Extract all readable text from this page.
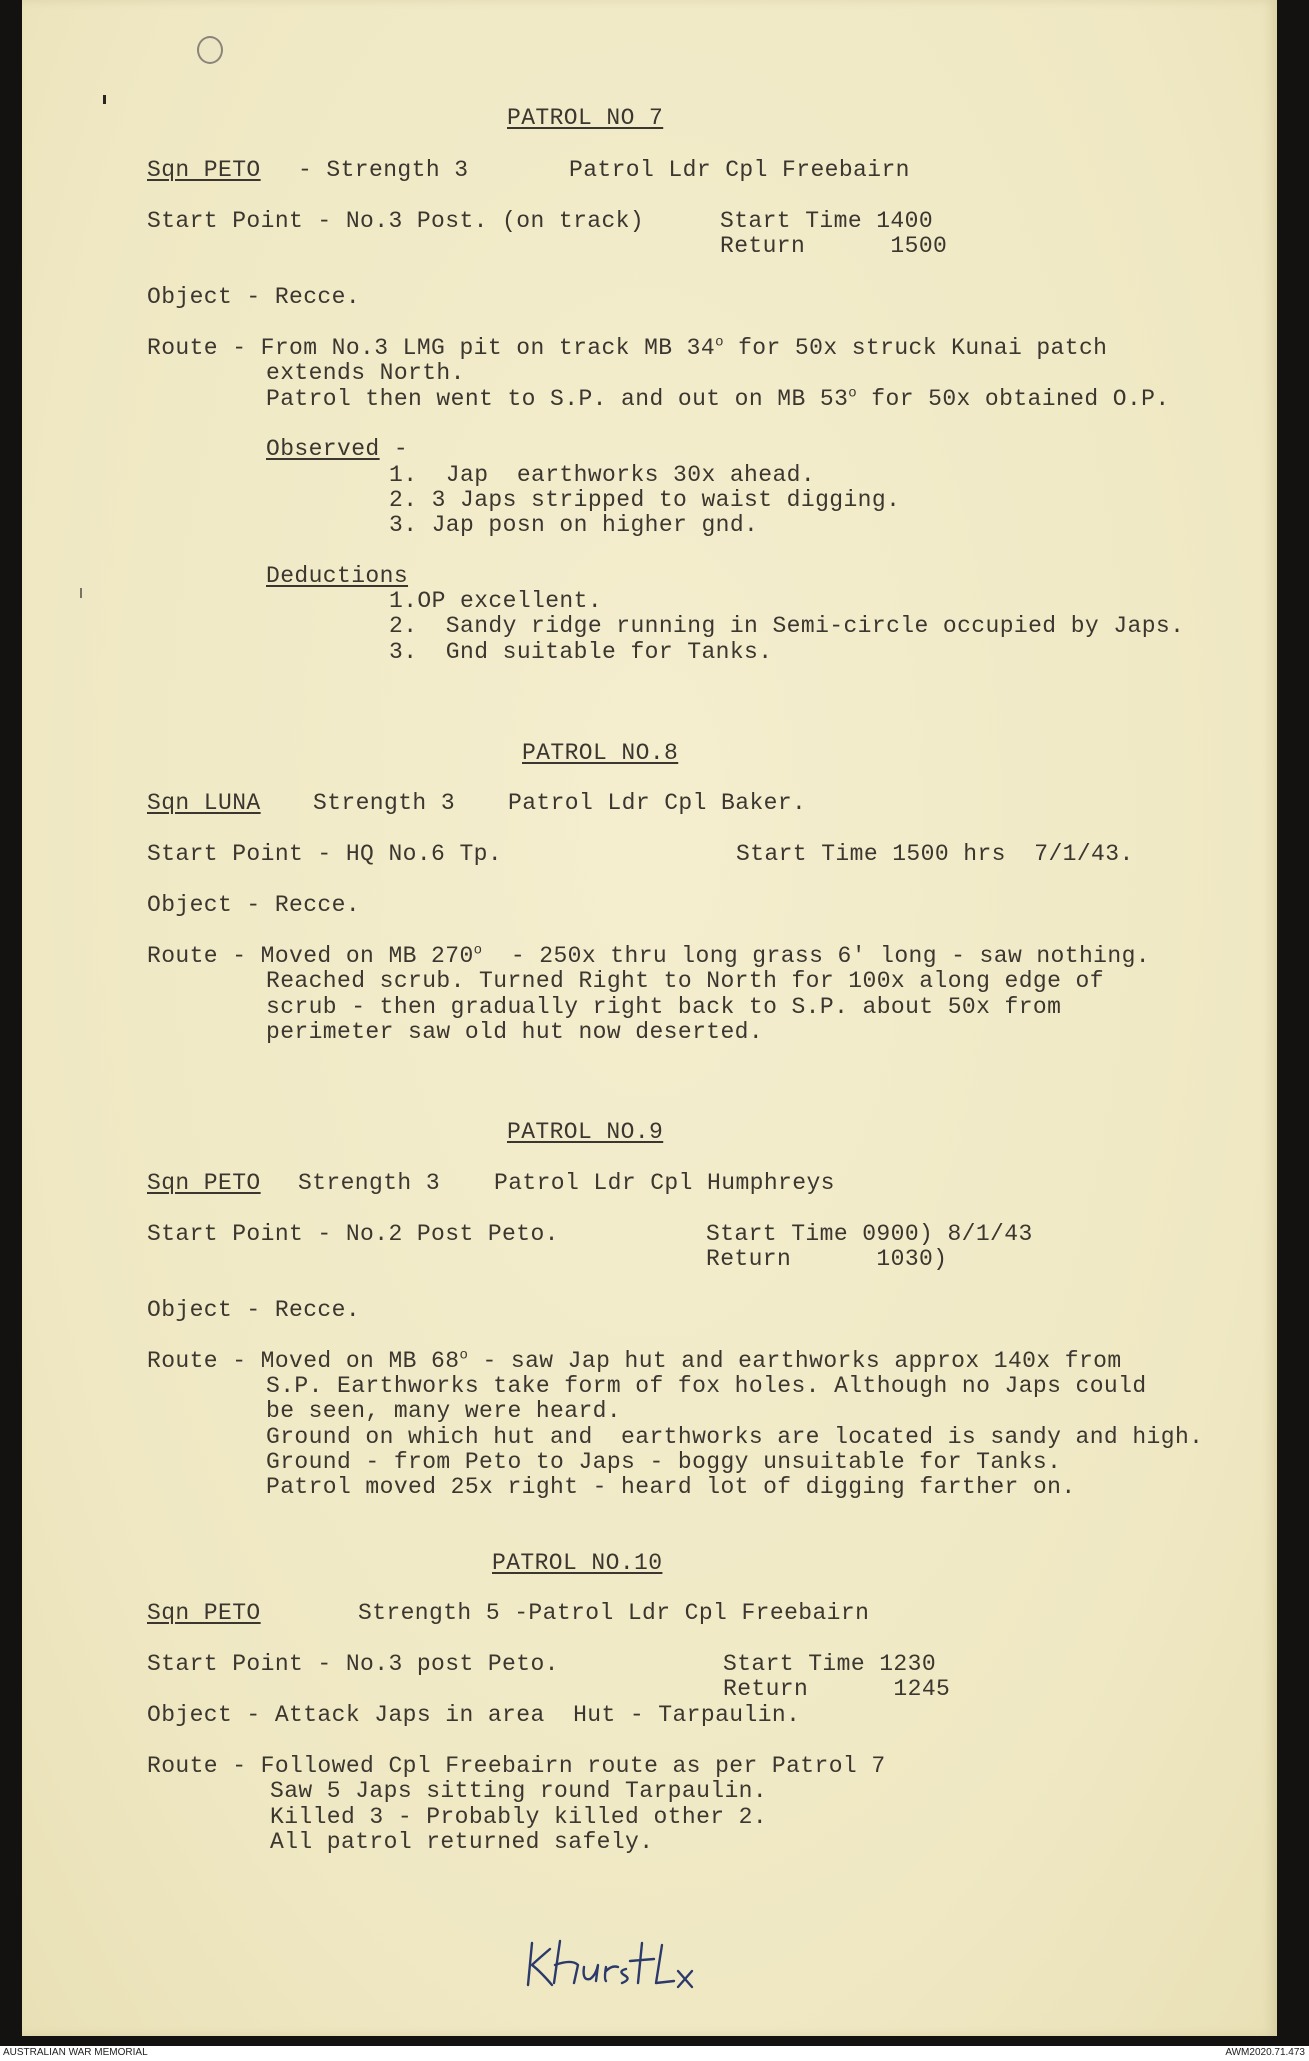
PATROL NO 7
Sqn PETO - Strength 3	Patrol Ldr Cpl Freebairn
Start Point - No.3 Post. (on track)	Start Time 1400
Return      1500
Object - Recce.
Route - From No.3 LMG pit on track MB 34$^o$ for 50x struck Kunai patch
extends North.
Patrol then went to S.P. and out on MB 53$^o$ for 50x obtained O.P.
Observed -
1.  Jap  earthworks 30x ahead.
2. 3 Japs stripped to waist digging.
3. Jap posn on higher gnd.
Deductions
1.OP excellent.
2.  Sandy ridge running in Semi-circle occupied by Japs.
3.  Gnd suitable for Tanks.
PATROL NO.8
Sqn LUNA Strength 3 Patrol Ldr Cpl Baker.
Start Point - HQ No.6 Tp.	Start Time 1500 hrs  7/1/43.
Object - Recce.
Route - Moved on MB 270$^o$  - 250x thru long grass 6' long - saw nothing.
Reached scrub. Turned Right to North for 100x along edge of
scrub - then gradually right back to S.P. about 50x from
perimeter saw old hut now deserted.
PATROL NO.9
Sqn PETO Strength 3 Patrol Ldr Cpl Humphreys
Start Point - No.2 Post Peto.	Start Time 0900) 8/1/43
Return      1030)
Object - Recce.
Route - Moved on MB 68$^o$ - saw Jap hut and earthworks approx 140x from
S.P. Earthworks take form of fox holes. Although no Japs could
be seen, many were heard.
Ground on which hut and  earthworks are located is sandy and high.
Ground - from Peto to Japs - boggy unsuitable for Tanks.
Patrol moved 25x right - heard lot of digging farther on.
PATROL NO.10
Sqn PETO	Strength 5 -Patrol Ldr Cpl Freebairn
Start Point - No.3 post Peto.	Start Time 1230
Return      1245
Object - Attack Japs in area  Hut - Tarpaulin.
Route - Followed Cpl Freebairn route as per Patrol 7
Saw 5 Japs sitting round Tarpaulin.
Killed 3 - Probably killed other 2.
All patrol returned safely.
AUSTRALIAN WAR MEMORIAL	AWM2020.71.473
